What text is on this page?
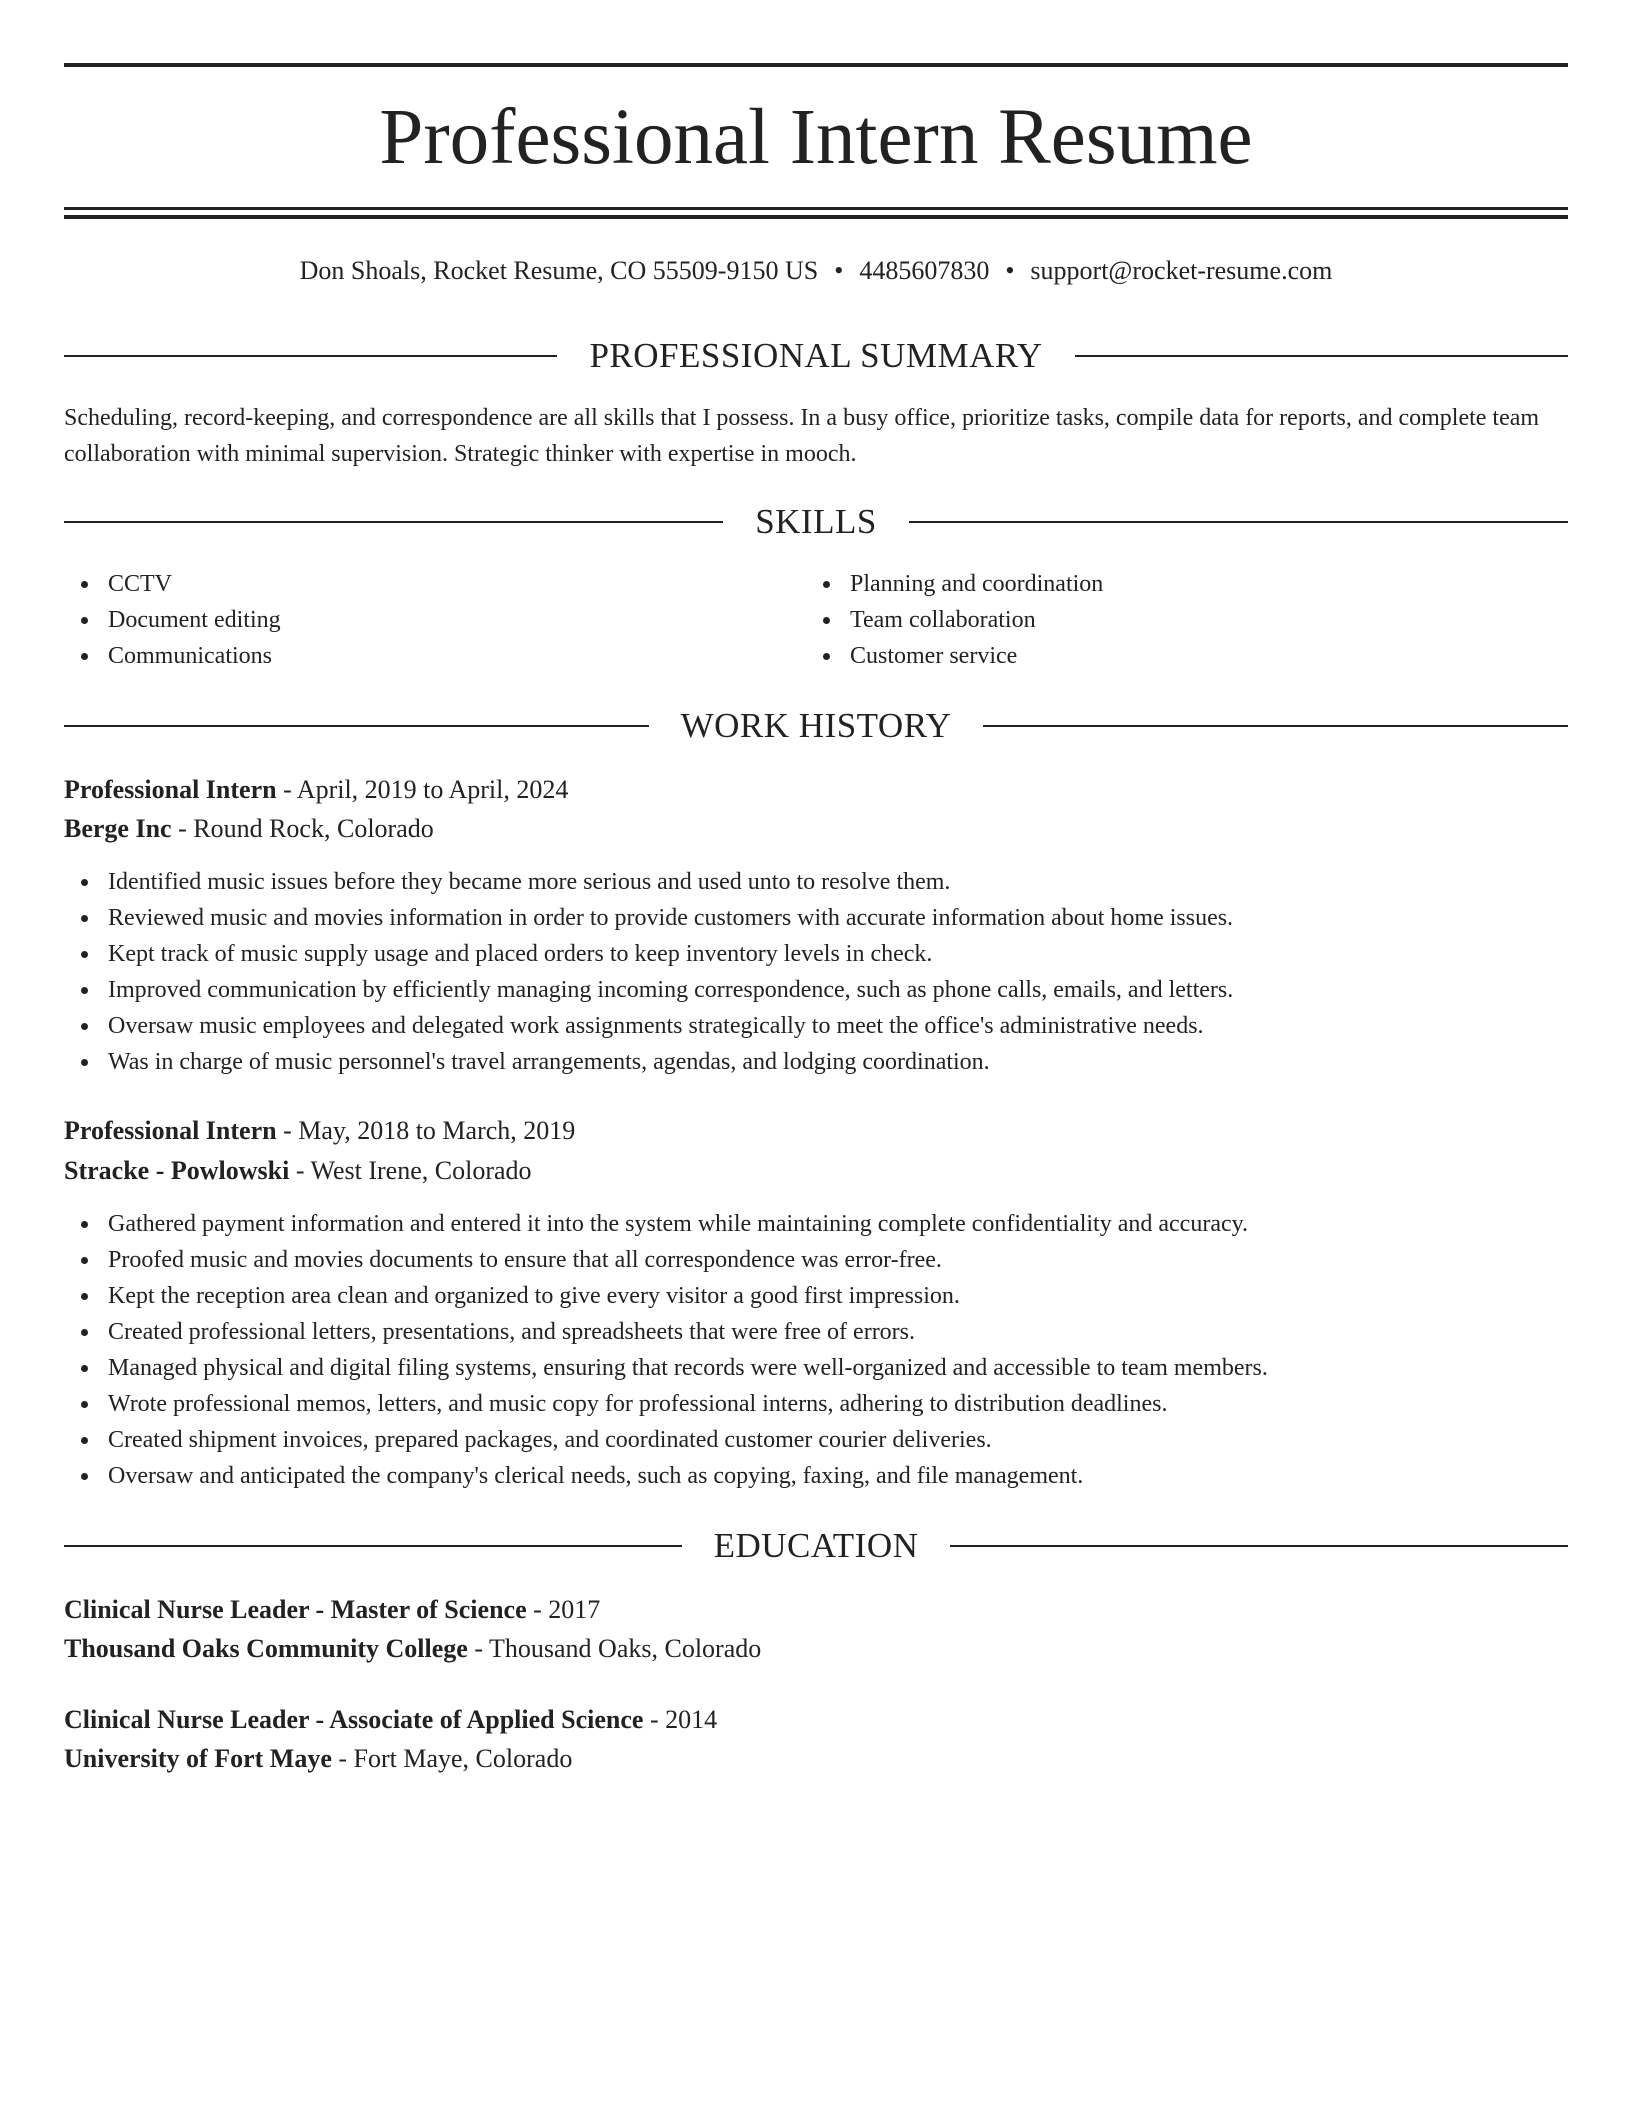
Professional Intern Resume
Don Shoals, Rocket Resume, CO 55509-9150 US • 4485607830 • support@rocket-resume.com
PROFESSIONAL SUMMARY

Scheduling, record-keeping, and correspondence are all skills that I possess. In a busy office, prioritize tasks, compile data for reports, and complete team collaboration with minimal supervision. Strategic thinker with expertise in mooch.

SKILLS
CCTV
Document editing
Communications
Planning and coordination
Team collaboration
Customer service
WORK HISTORY
Professional Intern - April, 2019 to April, 2024
Berge Inc - Round Rock, Colorado
Identified music issues before they became more serious and used unto to resolve them.
Reviewed music and movies information in order to provide customers with accurate information about home issues.
Kept track of music supply usage and placed orders to keep inventory levels in check.
Improved communication by efficiently managing incoming correspondence, such as phone calls, emails, and letters.
Oversaw music employees and delegated work assignments strategically to meet the office's administrative needs.
Was in charge of music personnel's travel arrangements, agendas, and lodging coordination.
Professional Intern - May, 2018 to March, 2019
Stracke - Powlowski - West Irene, Colorado
Gathered payment information and entered it into the system while maintaining complete confidentiality and accuracy.
Proofed music and movies documents to ensure that all correspondence was error-free.
Kept the reception area clean and organized to give every visitor a good first impression.
Created professional letters, presentations, and spreadsheets that were free of errors.
Managed physical and digital filing systems, ensuring that records were well-organized and accessible to team members.
Wrote professional memos, letters, and music copy for professional interns, adhering to distribution deadlines.
Created shipment invoices, prepared packages, and coordinated customer courier deliveries.
Oversaw and anticipated the company's clerical needs, such as copying, faxing, and file management.
EDUCATION
Clinical Nurse Leader - Master of Science - 2017
Thousand Oaks Community College - Thousand Oaks, Colorado
Clinical Nurse Leader - Associate of Applied Science - 2014
University of Fort Maye - Fort Maye, Colorado
